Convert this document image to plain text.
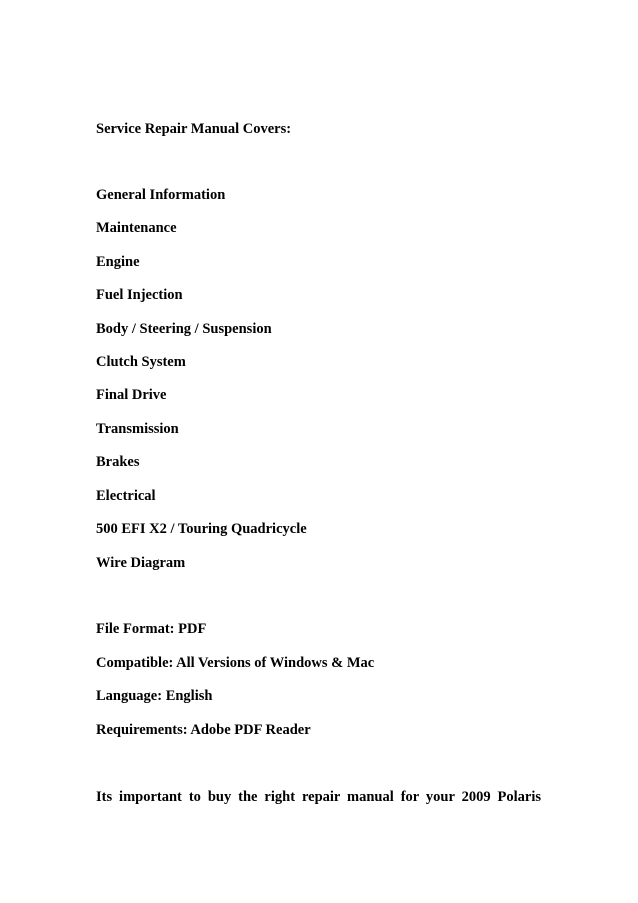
Service Repair Manual Covers:

General Information

Maintenance

Engine

Fuel Injection

Body / Steering / Suspension

Clutch System

Final Drive

Transmission

Brakes

Electrical

500 EFI X2 / Touring Quadricycle

Wire Diagram

File Format: PDF

Compatible: All Versions of Windows & Mac

Language: English

Requirements: Adobe PDF Reader

Its important to buy the right repair manual for your 2009 Polaris
